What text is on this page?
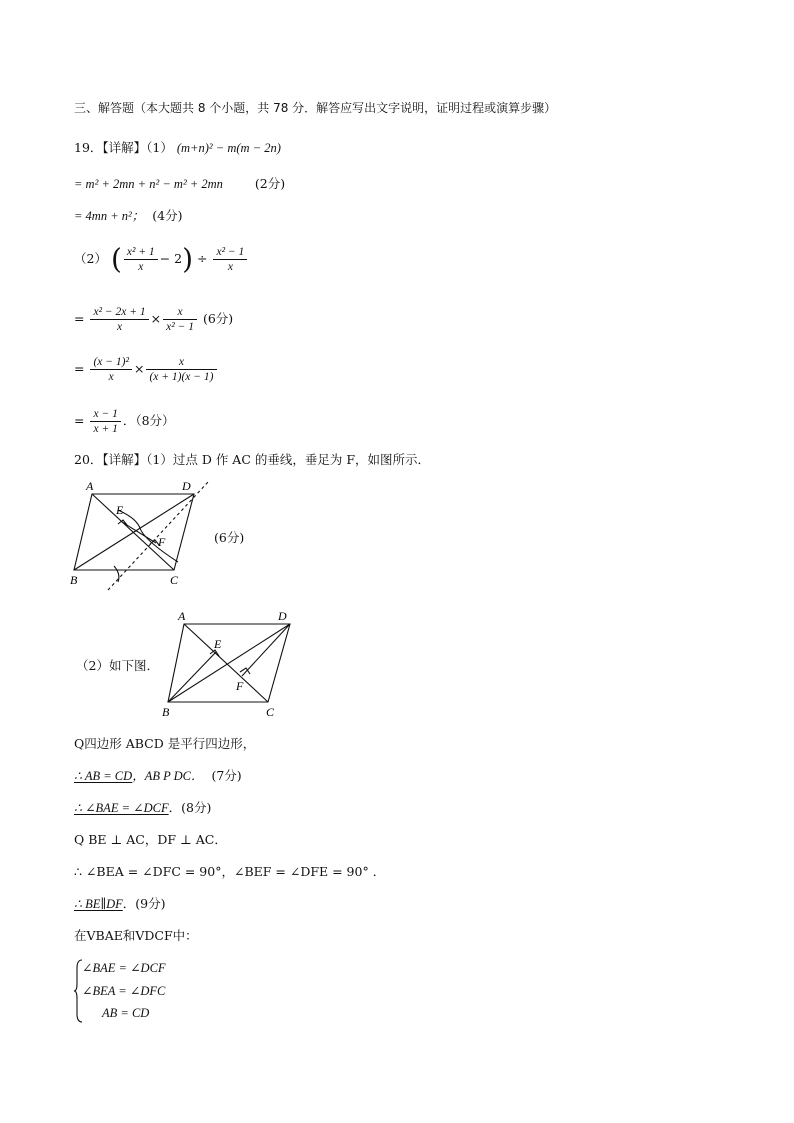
三、解答题（本大题共 8 个小题，共 78 分．解答应写出文字说明，证明过程或演算步骤）
19．【详解】（1） (m+n)² − m(m − 2n)
= m² + 2mn + n² − m² + 2mn	(2分)
= 4mn + n²； (4分)
（2） ( $\frac{\text{x² + 1}}{x} - 2) \div \frac{\text{x² − 1}}{x}$
= $\frac{\text{x² − 2x + 1}}{x} \times \frac{x}{\text{x² − 1}} (6$分)
= $\frac{\text{(x − 1)²}}{x} \times \frac{x}{(x + 1)(x - 1)}$
= $\frac{x - 1}{x + 1}$ ．（8分）
20．【详解】（1）过点 D 作 AC 的垂线，垂足为 F，如图所示．
A	D
E
F
B	C
(6分)
（2）如下图．
A	D
E
F
B	C
Q四边形 ABCD 是平行四边形，
∴ AB = CD，AB P DC． (7分)
∴ ∠BAE = ∠DCF．(8分)
Q BE ⊥ AC，DF ⊥ AC．
∴ ∠BEA = ∠DFC = 90°，∠BEF = ∠DFE = 90° ．
∴ BE∥DF．(9分)
在VBAE和VDCF中：
∠BAE = ∠DCF
∠BEA = ∠DFC
AB = CD
